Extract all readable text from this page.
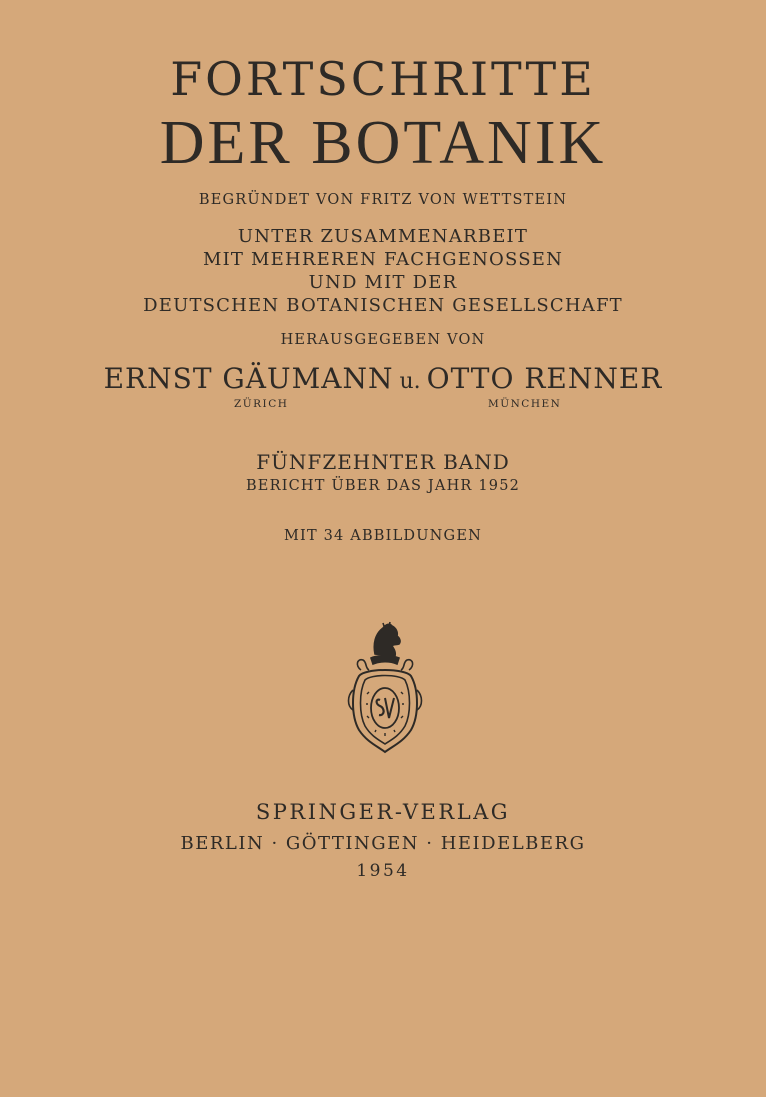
FORTSCHRITTE
DER BOTANIK
BEGRÜNDET VON FRITZ VON WETTSTEIN
UNTER ZUSAMMENARBEIT
MIT MEHREREN FACHGENOSSEN
UND MIT DER
DEUTSCHEN BOTANISCHEN GESELLSCHAFT
HERAUSGEGEBEN VON
ERNST GÄUMANN u. OTTO RENNER
ZÜRICH	MÜNCHEN
FÜNFZEHNTER BAND
BERICHT ÜBER DAS JAHR 1952
MIT 34 ABBILDUNGEN
SPRINGER-VERLAG
BERLIN · GÖTTINGEN · HEIDELBERG
1954
